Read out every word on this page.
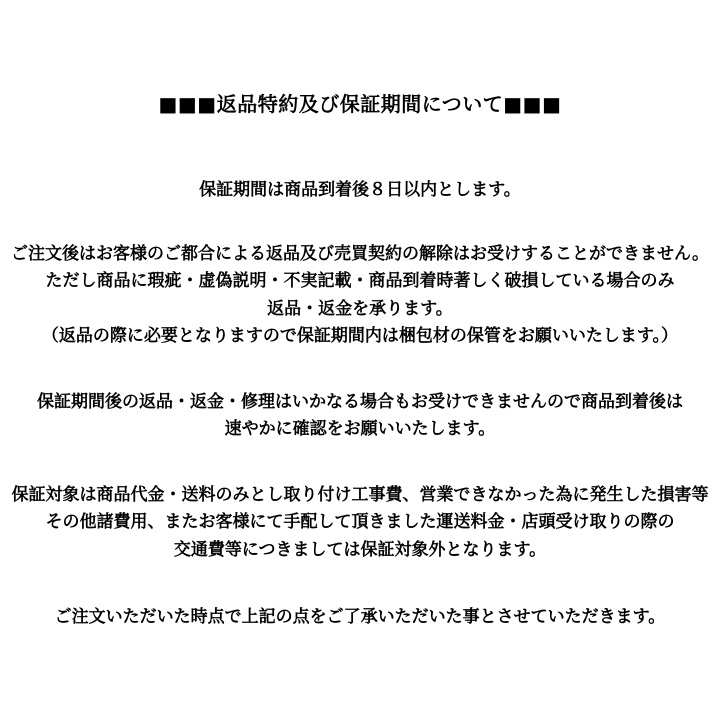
■■■返品特約及び保証期間について■■■
保証期間は商品到着後８日以内とします。
ご注文後はお客様のご都合による返品及び売買契約の解除はお受けすることができません。
ただし商品に瑕疵・虚偽説明・不実記載・商品到着時著しく破損している場合のみ
返品・返金を承ります。
（返品の際に必要となりますので保証期間内は梱包材の保管をお願いいたします。）
保証期間後の返品・返金・修理はいかなる場合もお受けできませんので商品到着後は
速やかに確認をお願いいたします。
保証対象は商品代金・送料のみとし取り付け工事費、営業できなかった為に発生した損害等
その他諸費用、またお客様にて手配して頂きました運送料金・店頭受け取りの際の
交通費等につきましては保証対象外となります。
ご注文いただいた時点で上記の点をご了承いただいた事とさせていただきます。
